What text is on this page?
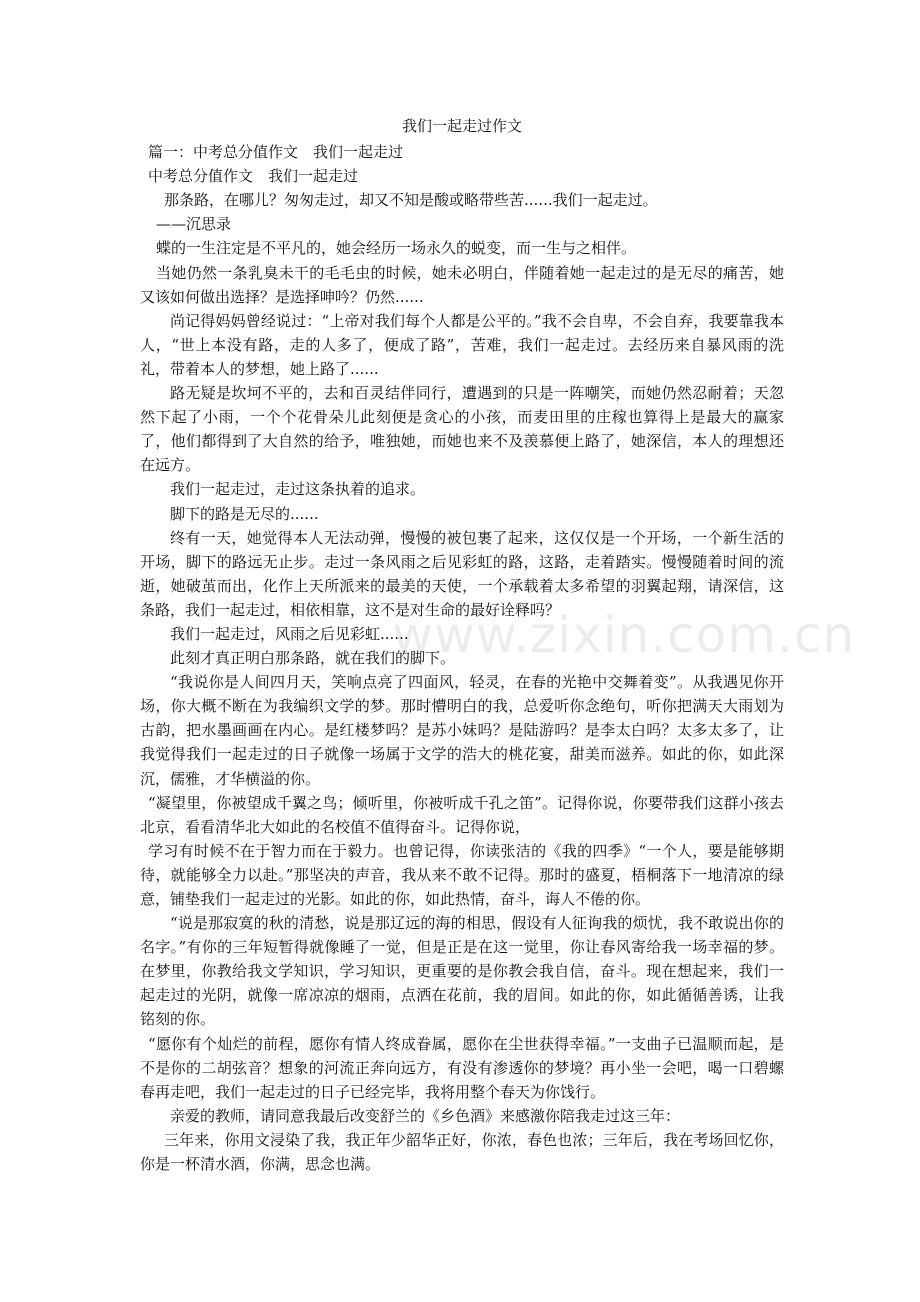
www.zixin.com.cn

我们一起走过作文

篇一：中考总分值作文　我们一起走过

中考总分值作文　我们一起走过

那条路，在哪儿？匆匆走过，却又不知是酸或略带些苦......我们一起走过。

——沉思录

蝶的一生注定是不平凡的，她会经历一场永久的蜕变，而一生与之相伴。

当她仍然一条乳臭未干的毛毛虫的时候，她未必明白，伴随着她一起走过的是无尽的痛苦，她又该如何做出选择？是选择呻吟？仍然......

尚记得妈妈曾经说过：“上帝对我们每个人都是公平的。”我不会自卑，不会自弃，我要靠我本人，“世上本没有路，走的人多了，便成了路”，苦难，我们一起走过。去经历来自暴风雨的洗礼，带着本人的梦想，她上路了......

路无疑是坎坷不平的，去和百灵结伴同行，遭遇到的只是一阵嘲笑，而她仍然忍耐着；天忽然下起了小雨，一个个花骨朵儿此刻便是贪心的小孩，而麦田里的庄稼也算得上是最大的赢家了，他们都得到了大自然的给予，唯独她，而她也来不及羡慕便上路了，她深信，本人的理想还在远方。

我们一起走过，走过这条执着的追求。

脚下的路是无尽的......

终有一天，她觉得本人无法动弹，慢慢的被包裹了起来，这仅仅是一个开场，一个新生活的开场，脚下的路远无止步。走过一条风雨之后见彩虹的路，这路，走着踏实。慢慢随着时间的流逝，她破茧而出，化作上天所派来的最美的天使，一个承载着太多希望的羽翼起翔，请深信，这条路，我们一起走过，相依相靠，这不是对生命的最好诠释吗？

我们一起走过，风雨之后见彩虹......

此刻才真正明白那条路，就在我们的脚下。

“我说你是人间四月天，笑响点亮了四面风，轻灵，在春的光艳中交舞着变”。从我遇见你开场，你大概不断在为我编织文学的梦。那时懵明白的我，总爱听你念绝句，听你把满天大雨划为古韵，把水墨画画在内心。是红楼梦吗？是苏小妹吗？是陆游吗？是李太白吗？太多太多了，让我觉得我们一起走过的日子就像一场属于文学的浩大的桃花宴，甜美而滋养。如此的你，如此深沉，儒雅，才华横溢的你。

“凝望里，你被望成千翼之鸟；倾听里，你被听成千孔之笛”。记得你说，你要带我们这群小孩去北京，看看清华北大如此的名校值不值得奋斗。记得你说，

学习有时候不在于智力而在于毅力。也曾记得，你读张洁的《我的四季》“一个人，要是能够期待，就能够全力以赴。”那坚决的声音，我从来不敢不记得。那时的盛夏，梧桐落下一地清凉的绿意，铺垫我们一起走过的光影。如此的你，如此热情，奋斗，诲人不倦的你。

“说是那寂寞的秋的清愁，说是那辽远的海的相思，假设有人征询我的烦忧，我不敢说出你的名字。”有你的三年短暂得就像睡了一觉，但是正是在这一觉里，你让春风寄给我一场幸福的梦。在梦里，你教给我文学知识，学习知识，更重要的是你教会我自信，奋斗。现在想起来，我们一起走过的光阴，就像一席凉凉的烟雨，点洒在花前，我的眉间。如此的你，如此循循善诱，让我铭刻的你。

“愿你有个灿烂的前程，愿你有情人终成眷属，愿你在尘世获得幸福。”一支曲子已温顺而起，是不是你的二胡弦音？想象的河流正奔向远方，有没有渗透你的梦境？再小坐一会吧，喝一口碧螺春再走吧，我们一起走过的日子已经完毕，我将用整个春天为你饯行。

亲爱的教师，请同意我最后改变舒兰的《乡色酒》来感激你陪我走过这三年：

三年来，你用文浸染了我，我正年少韶华正好，你浓，春色也浓；三年后，我在考场回忆你，你是一杯清水酒，你满，思念也满。
